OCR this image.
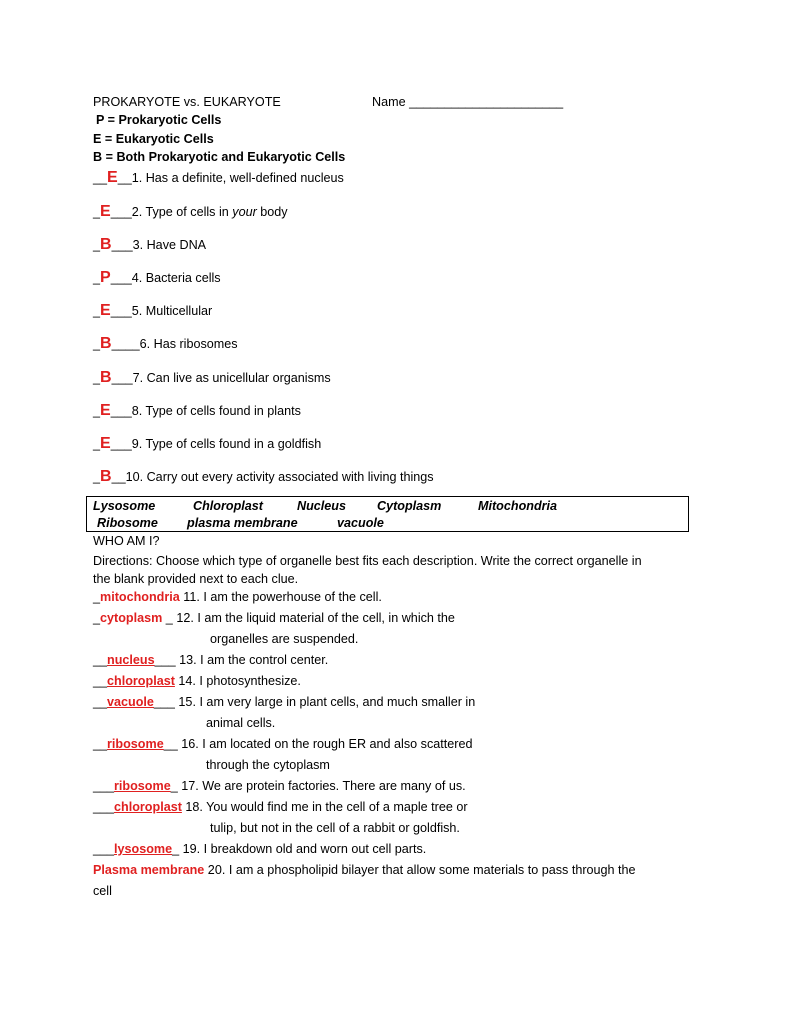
PROKARYOTE vs. EUKARYOTE	Name ______________________
P = Prokaryotic Cells
E = Eukaryotic Cells
B = Both Prokaryotic and Eukaryotic Cells
__E__1. Has a definite, well-defined nucleus
_E___2. Type of cells in your body
_B___3. Have DNA
_P___4. Bacteria cells
_E___5. Multicellular
_B____6. Has ribosomes
_B___7. Can live as unicellular organisms
_E___8. Type of cells found in plants
_E___9. Type of cells found in a goldfish
_B__10. Carry out every activity associated with living things
Lysosome	Chloroplast	Nucleus Cytoplasm	Mitochondria
Ribosome plasma membrane	vacuole
WHO AM I?
Directions: Choose which type of organelle best fits each description. Write the correct organelle in
the blank provided next to each clue.
_mitochondria 11. I am the powerhouse of the cell.
_cytoplasm _ 12. I am the liquid material of the cell, in which the
organelles are suspended.
__nucleus___ 13. I am the control center.
__chloroplast 14. I photosynthesize.
__vacuole___ 15. I am very large in plant cells, and much smaller in
animal cells.
__ribosome__ 16. I am located on the rough ER and also scattered
through the cytoplasm
___ribosome_ 17. We are protein factories. There are many of us.
___chloroplast 18. You would find me in the cell of a maple tree or
tulip, but not in the cell of a rabbit or goldfish.
___lysosome_ 19. I breakdown old and worn out cell parts.
Plasma membrane 20. I am a phospholipid bilayer that allow some materials to pass through the
cell
